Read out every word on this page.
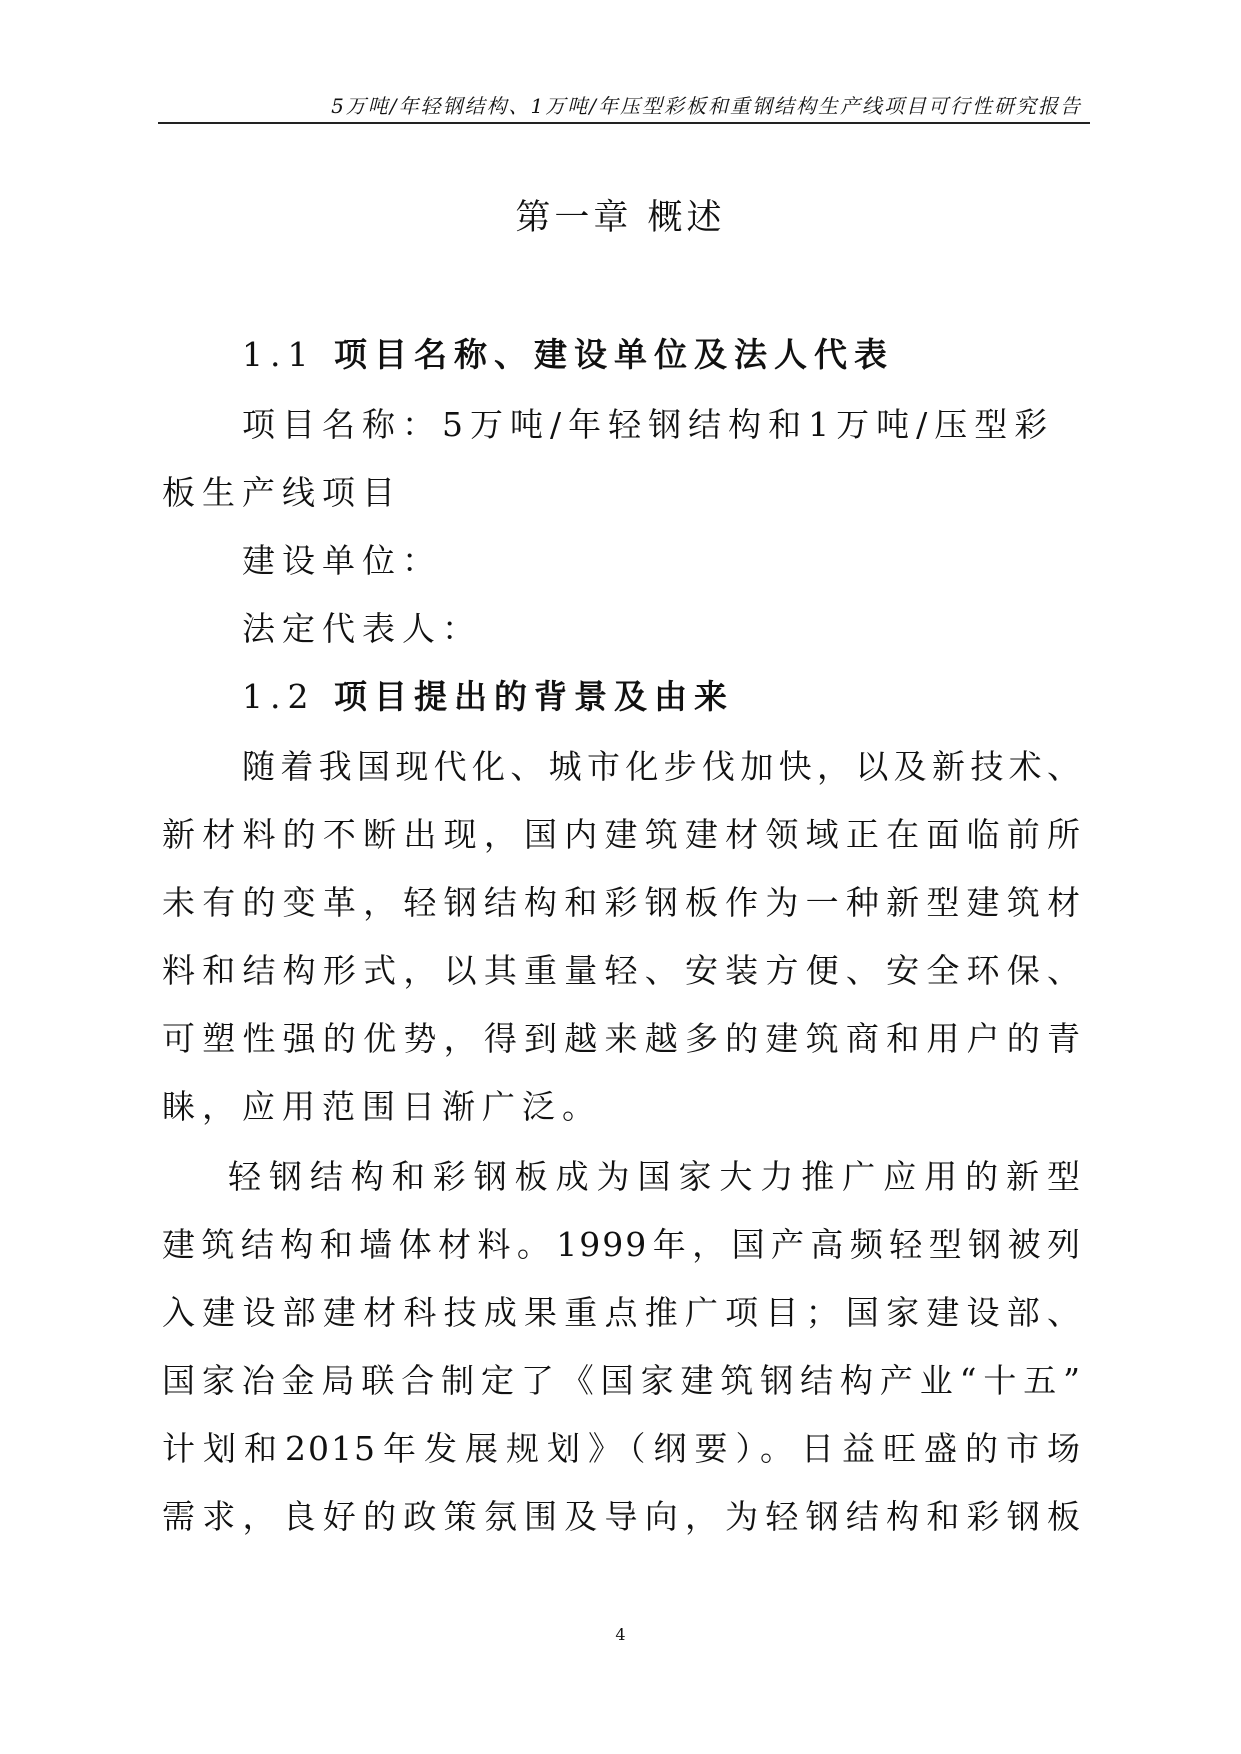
5万吨/年轻钢结构、1万吨/年压型彩板和重钢结构生产线项目可行性研究报告
第一章 概述
1.1 项目名称、建设单位及法人代表
项目名称：5万吨/年轻钢结构和1万吨/压型彩
板生产线项目
建设单位：
法定代表人：
1.2 项目提出的背景及由来
随着我国现代化、城市化步伐加快，以及新技术、
新材料的不断出现，国内建筑建材领域正在面临前所
未有的变革，轻钢结构和彩钢板作为一种新型建筑材
料和结构形式，以其重量轻、安装方便、安全环保、
可塑性强的优势，得到越来越多的建筑商和用户的青
睐，应用范围日渐广泛。
轻钢结构和彩钢板成为国家大力推广应用的新型
建筑结构和墙体材料。1999年，国产高频轻型钢被列
入建设部建材科技成果重点推广项目；国家建设部、
国家冶金局联合制定了《国家建筑钢结构产业“十五”
计划和2015年发展规划》（纲要）。日益旺盛的市场
需求，良好的政策氛围及导向，为轻钢结构和彩钢板
4
